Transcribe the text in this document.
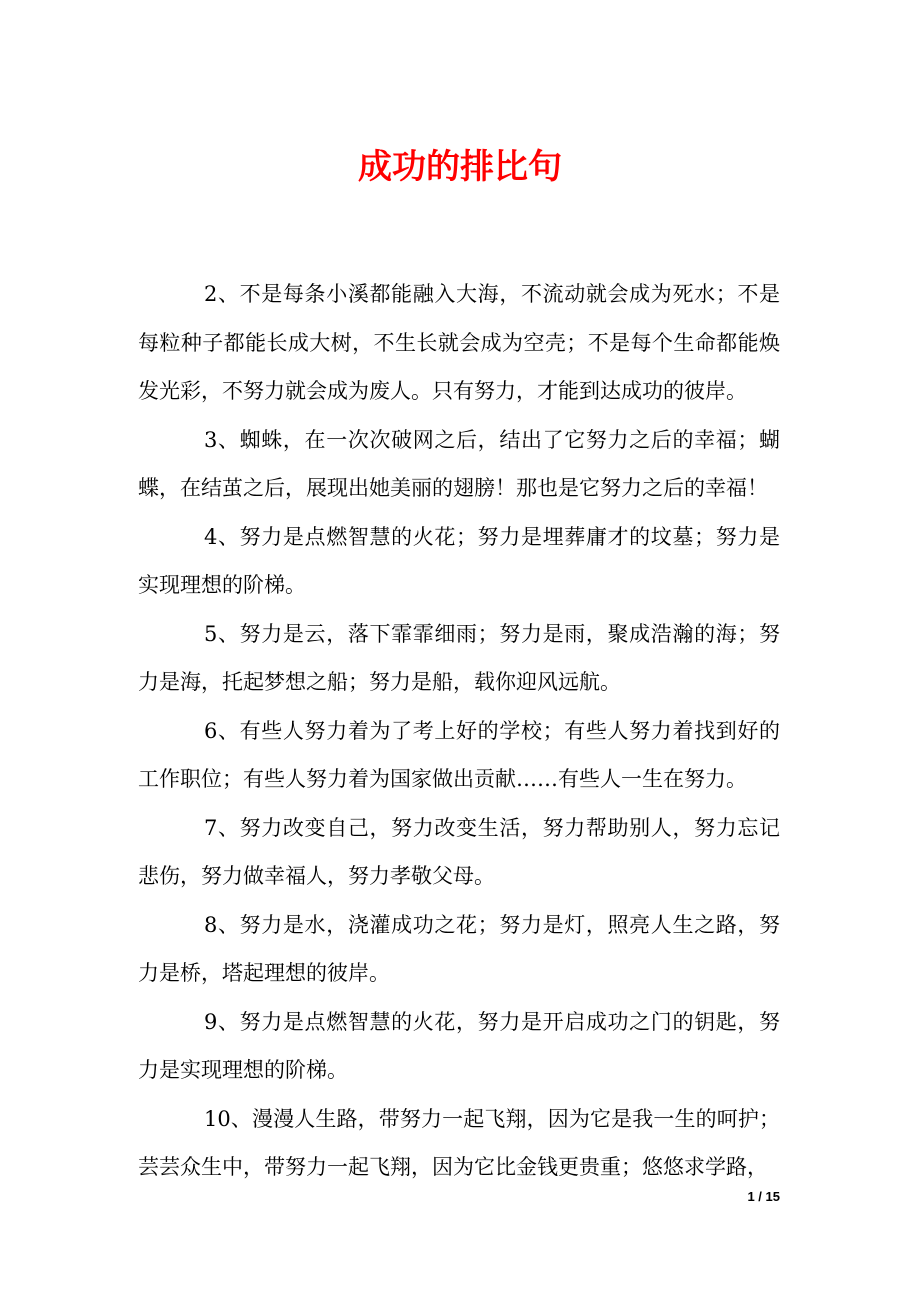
成功的排比句

2、不是每条小溪都能融入大海，不流动就会成为死水；不是每粒种子都能长成大树，不生长就会成为空壳；不是每个生命都能焕发光彩，不努力就会成为废人。只有努力，才能到达成功的彼岸。

3、蜘蛛，在一次次破网之后，结出了它努力之后的幸福；蝴蝶，在结茧之后，展现出她美丽的翅膀！那也是它努力之后的幸福！

4、努力是点燃智慧的火花；努力是埋葬庸才的坟墓；努力是实现理想的阶梯。

5、努力是云，落下霏霏细雨；努力是雨，聚成浩瀚的海；努力是海，托起梦想之船；努力是船，载你迎风远航。

6、有些人努力着为了考上好的学校；有些人努力着找到好的工作职位；有些人努力着为国家做出贡献……有些人一生在努力。

7、努力改变自己，努力改变生活，努力帮助别人，努力忘记悲伤，努力做幸福人，努力孝敬父母。

8、努力是水，浇灌成功之花；努力是灯，照亮人生之路，努力是桥，塔起理想的彼岸。

9、努力是点燃智慧的火花，努力是开启成功之门的钥匙，努力是实现理想的阶梯。

10、漫漫人生路，带努力一起飞翔，因为它是我一生的呵护；芸芸众生中，带努力一起飞翔，因为它比金钱更贵重；悠悠求学路，

1 / 15
